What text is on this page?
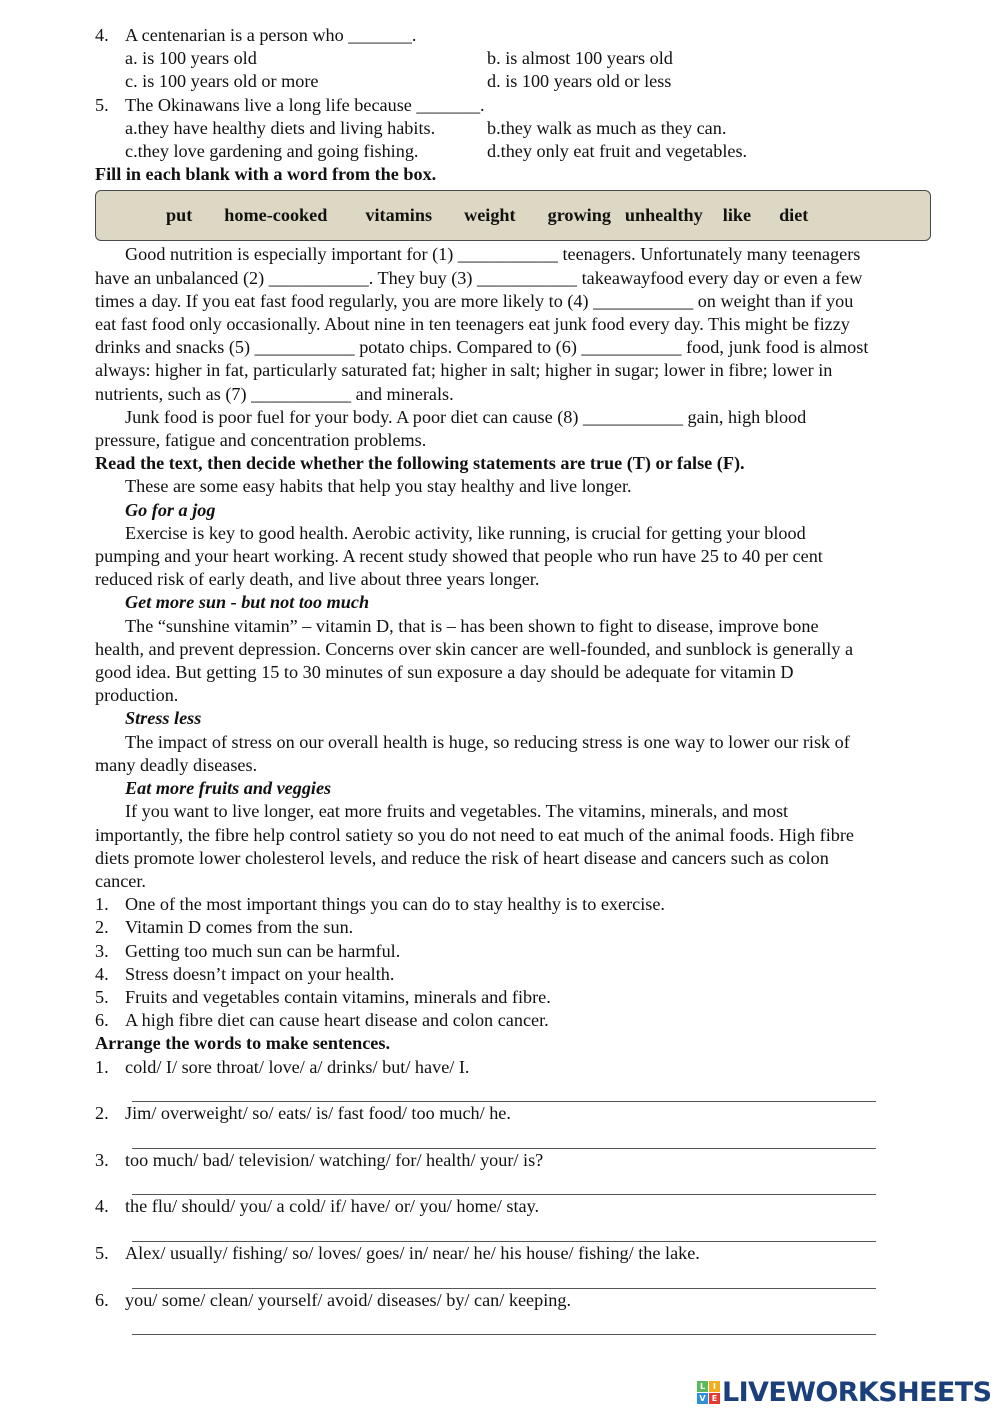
4. A centenarian is a person who _______.
a. is 100 years old	b. is almost 100 years old
c. is 100 years old or more	d. is 100 years old or less
5. The Okinawans live a long life because _______.
a.they have healthy diets and living habits.	b.they walk as much as they can.
c.they love gardening and going fishing.	d.they only eat fruit and vegetables.
Fill in each blank with a word from the box.
put home-cooked vitamins weight growing unhealthy like diet
Good nutrition is especially important for (1) ___________ teenagers. Unfortunately many teenagers
have an unbalanced (2) ___________. They buy (3) ___________ takeawayfood every day or even a few
times a day. If you eat fast food regularly, you are more likely to (4) ___________ on weight than if you
eat fast food only occasionally. About nine in ten teenagers eat junk food every day. This might be fizzy
drinks and snacks (5) ___________ potato chips. Compared to (6) ___________ food, junk food is almost
always: higher in fat, particularly saturated fat; higher in salt; higher in sugar; lower in fibre; lower in
nutrients, such as (7) ___________ and minerals.
Junk food is poor fuel for your body. A poor diet can cause (8) ___________ gain, high blood
pressure, fatigue and concentration problems.
Read the text, then decide whether the following statements are true (T) or false (F).
These are some easy habits that help you stay healthy and live longer.
Go for a jog
Exercise is key to good health. Aerobic activity, like running, is crucial for getting your blood
pumping and your heart working. A recent study showed that people who run have 25 to 40 per cent
reduced risk of early death, and live about three years longer.
Get more sun - but not too much
The “sunshine vitamin” – vitamin D, that is – has been shown to fight to disease, improve bone
health, and prevent depression. Concerns over skin cancer are well-founded, and sunblock is generally a
good idea. But getting 15 to 30 minutes of sun exposure a day should be adequate for vitamin D
production.
Stress less
The impact of stress on our overall health is huge, so reducing stress is one way to lower our risk of
many deadly diseases.
Eat more fruits and veggies
If you want to live longer, eat more fruits and vegetables. The vitamins, minerals, and most
importantly, the fibre help control satiety so you do not need to eat much of the animal foods. High fibre
diets promote lower cholesterol levels, and reduce the risk of heart disease and cancers such as colon
cancer.
1. One of the most important things you can do to stay healthy is to exercise.
2. Vitamin D comes from the sun.
3. Getting too much sun can be harmful.
4. Stress doesn’t impact on your health.
5. Fruits and vegetables contain vitamins, minerals and fibre.
6. A high fibre diet can cause heart disease and colon cancer.
Arrange the words to make sentences.
1. cold/ I/ sore throat/ love/ a/ drinks/ but/ have/ I.
2. Jim/ overweight/ so/ eats/ is/ fast food/ too much/ he.
3. too much/ bad/ television/ watching/ for/ health/ your/ is?
4. the flu/ should/ you/ a cold/ if/ have/ or/ you/ home/ stay.
5. Alex/ usually/ fishing/ so/ loves/ goes/ in/ near/ he/ his house/ fishing/ the lake.
6. you/ some/ clean/ yourself/ avoid/ diseases/ by/ can/ keeping.
L I
V E LIVEWORKSHEETS
